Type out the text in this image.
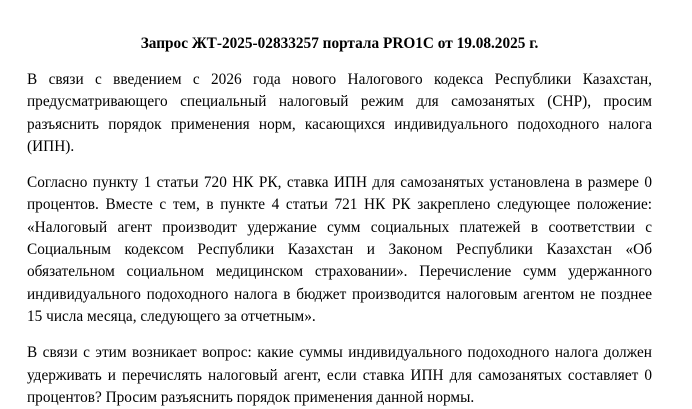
Запрос ЖТ-2025-02833257 портала PRO1C от 19.08.2025 г.

В связи с введением с 2026 года нового Налогового кодекса Республики Казахстан, предусматривающего специальный налоговый режим для самозанятых (СНР), просим разъяснить порядок применения норм, касающихся индивидуального подоходного налога (ИПН).

Согласно пункту 1 статьи 720 НК РК, ставка ИПН для самозанятых установлена в размере 0 процентов. Вместе с тем, в пункте 4 статьи 721 НК РК закреплено следующее положение: «Налоговый агент производит удержание сумм социальных платежей в соответствии с Социальным кодексом Республики Казахстан и Законом Республики Казахстан «Об обязательном социальном медицинском страховании». Перечисление сумм удержанного индивидуального подоходного налога в бюджет производится налоговым агентом не позднее 15 числа месяца, следующего за отчетным».

В связи с этим возникает вопрос: какие суммы индивидуального подоходного налога должен удерживать и перечислять налоговый агент, если ставка ИПН для самозанятых составляет 0 процентов? Просим разъяснить порядок применения данной нормы.
